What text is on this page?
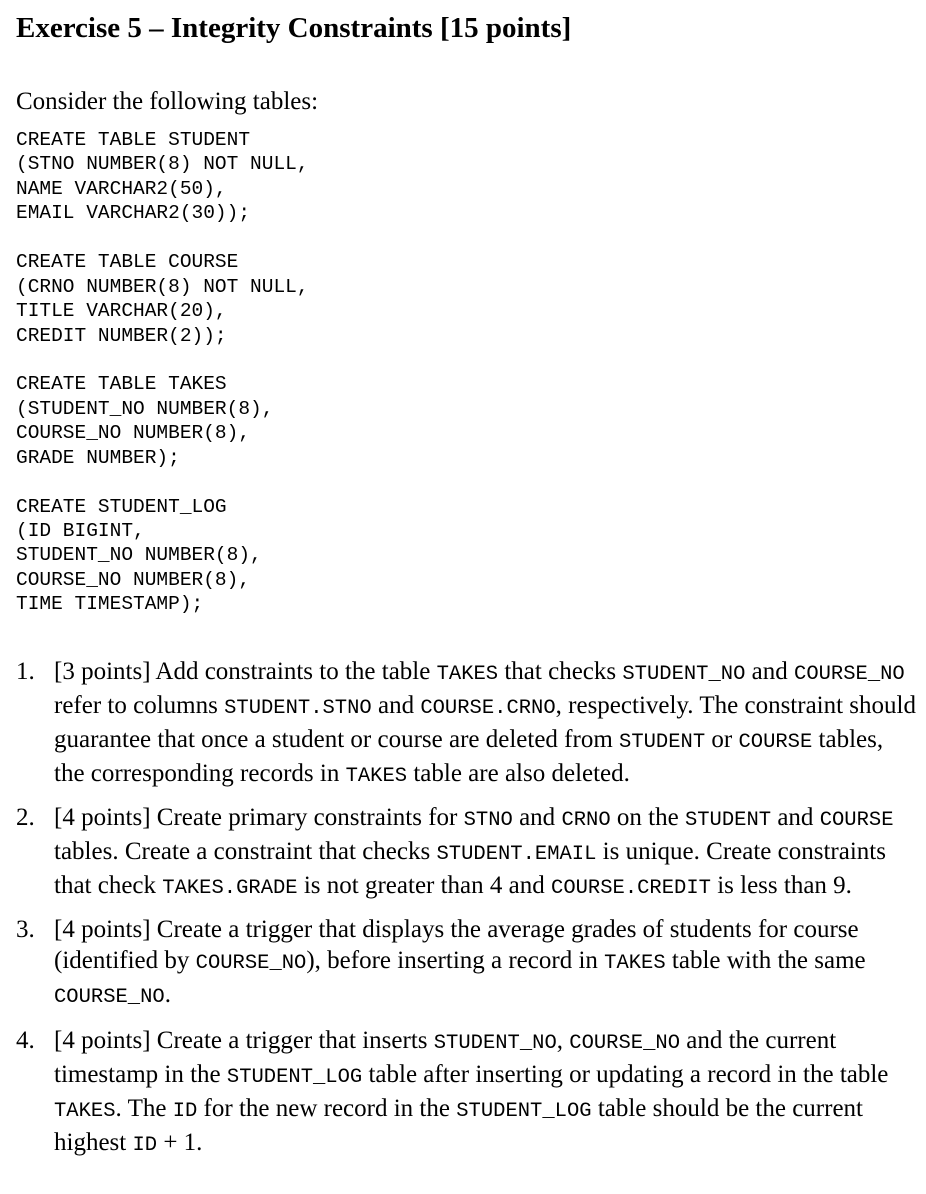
Exercise 5 – Integrity Constraints [15 points]

Consider the following tables:

CREATE TABLE STUDENT
(STNO NUMBER(8) NOT NULL,
NAME VARCHAR2(50),
EMAIL VARCHAR2(30));
CREATE TABLE COURSE
(CRNO NUMBER(8) NOT NULL,
TITLE VARCHAR(20),
CREDIT NUMBER(2));
CREATE TABLE TAKES
(STUDENT_NO NUMBER(8),
COURSE_NO NUMBER(8),
GRADE NUMBER);
CREATE STUDENT_LOG
(ID BIGINT,
STUDENT_NO NUMBER(8),
COURSE_NO NUMBER(8),
TIME TIMESTAMP);
1. [3 points] Add constraints to the table TAKES that checks STUDENT_NO and COURSE_NO refer to columns STUDENT.STNO and COURSE.CRNO, respectively. The constraint should guarantee that once a student or course are deleted from STUDENT or COURSE tables, the corresponding records in TAKES table are also deleted.
2. [4 points] Create primary constraints for STNO and CRNO on the STUDENT and COURSE tables. Create a constraint that checks STUDENT.EMAIL is unique. Create constraints that check TAKES.GRADE is not greater than 4 and COURSE.CREDIT is less than 9.
3. [4 points] Create a trigger that displays the average grades of students for course (identified by COURSE_NO), before inserting a record in TAKES table with the same COURSE_NO.
4. [4 points] Create a trigger that inserts STUDENT_NO, COURSE_NO and the current timestamp in the STUDENT_LOG table after inserting or updating a record in the table TAKES. The ID for the new record in the STUDENT_LOG table should be the current highest ID + 1.
